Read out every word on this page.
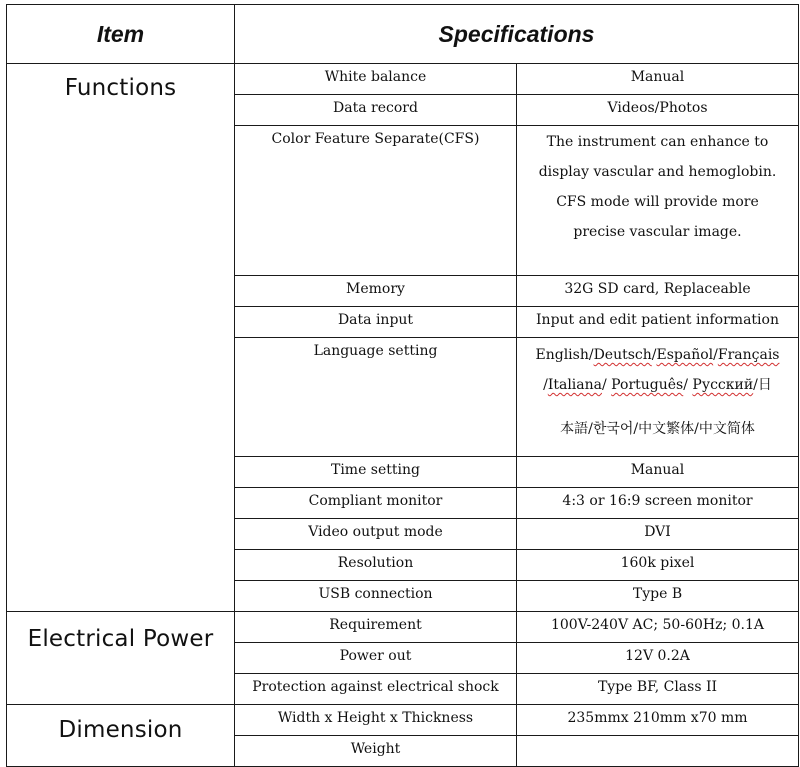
Item	Specifications	
Functions	White balance	Manual
	Data record	Videos/Photos
	Color Feature Separate(CFS)	The instrument can enhance to
display vascular and hemoglobin.
CFS mode will provide more
precise vascular image.
	Memory	32G SD card, Replaceable
	Data input	Input and edit patient information
	Language setting	English/Deutsch/Español/Français
/Italiana/ Português/ Русский/日
本語/한국어/中文繁体/中文简体

	Time setting	Manual
	Compliant monitor	4:3 or 16:9 screen monitor
	Video output mode	DVI
	Resolution	160k pixel
	USB connection	Type B
Electrical Power	Requirement	100V-240V AC; 50-60Hz; 0.1A
	Power out	12V 0.2A
	Protection against electrical shock	Type BF, Class II
Dimension	Width x Height x Thickness	235mmx 210mm x70 mm
	Weight	
